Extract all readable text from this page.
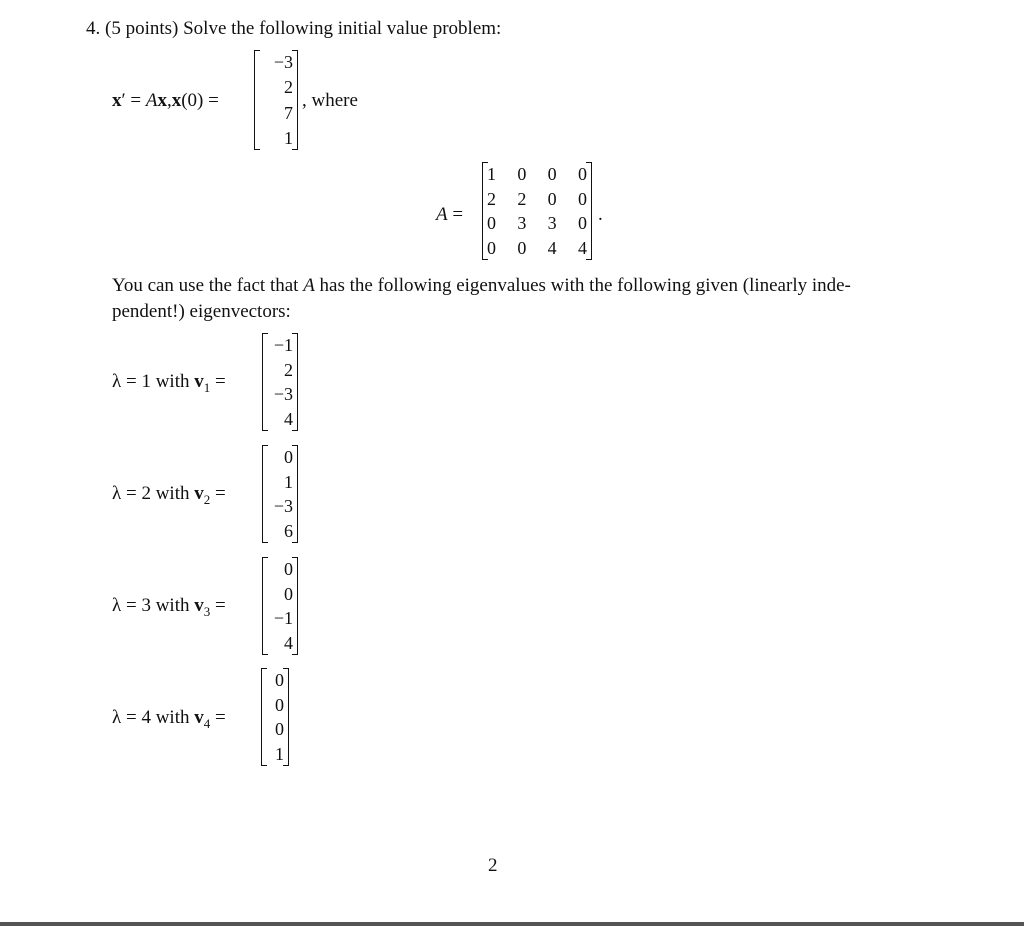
4. (5 points) Solve the following initial value problem:
x′ = Ax,x(0) =
−3
2
7
1
, where
A =
1 0 0 0
2 2 0 0
0 3 3 0
0 0 4 4
.
You can use the fact that A has the following eigenvalues with the following given (linearly inde-
pendent!) eigenvectors:
λ = 1 with $v_1$ =
−1
2
−3
4
λ = 2 with $v_2$ =
0
1
−3
6
λ = 3 with $v_3$ =
0
0
−1
4
λ = 4 with $v_4$ =
0
0
0
1
2
